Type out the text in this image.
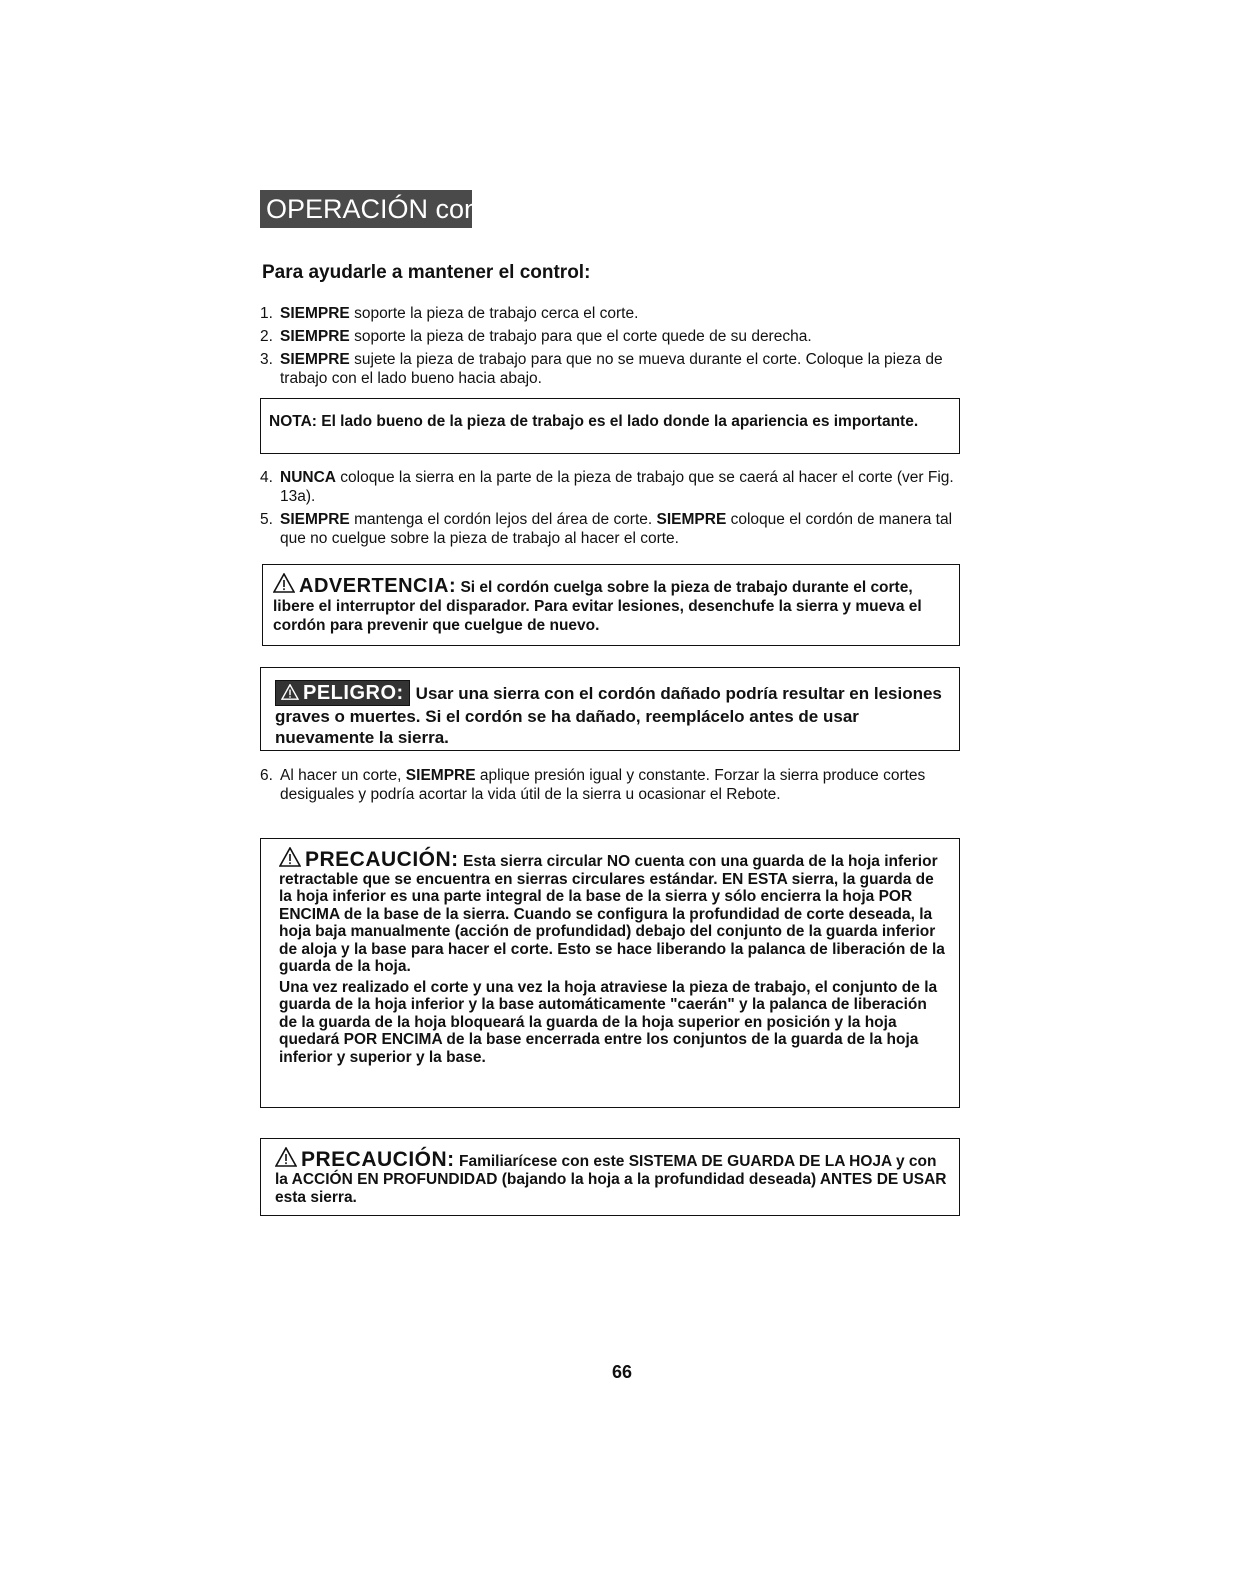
OPERACIÓN cont.
Para ayudarle a mantener el control:
1. SIEMPRE soporte la pieza de trabajo cerca el corte.
2. SIEMPRE soporte la pieza de trabajo para que el corte quede de su derecha.
3. SIEMPRE sujete la pieza de trabajo para que no se mueva durante el corte. Coloque la pieza de trabajo con el lado bueno hacia abajo.
NOTA: El lado bueno de la pieza de trabajo es el lado donde la apariencia es importante.
4. NUNCA coloque la sierra en la parte de la pieza de trabajo que se caerá al hacer el corte (ver Fig. 13a).
5. SIEMPRE mantenga el cordón lejos del área de corte. SIEMPRE coloque el cordón de manera tal que no cuelgue sobre la pieza de trabajo al hacer el corte.
ADVERTENCIA: Si el cordón cuelga sobre la pieza de trabajo durante el corte, libere el interruptor del disparador. Para evitar lesiones, desenchufe la sierra y mueva el cordón para prevenir que cuelgue de nuevo.
PELIGRO: Usar una sierra con el cordón dañado podría resultar en lesiones graves o muertes. Si el cordón se ha dañado, reemplácelo antes de usar nuevamente la sierra.
6. Al hacer un corte, SIEMPRE aplique presión igual y constante. Forzar la sierra produce cortes desiguales y podría acortar la vida útil de la sierra u ocasionar el Rebote.

PRECAUCIÓN: Esta sierra circular NO cuenta con una guarda de la hoja inferior retractable que se encuentra en sierras circulares estándar. EN ESTA sierra, la guarda de la hoja inferior es una parte integral de la base de la sierra y sólo encierra la hoja POR ENCIMA de la base de la sierra. Cuando se configura la profundidad de corte deseada, la hoja baja manualmente (acción de profundidad) debajo del conjunto de la guarda inferior de aloja y la base para hacer el corte. Esto se hace liberando la palanca de liberación de la guarda de la hoja.

Una vez realizado el corte y una vez la hoja atraviese la pieza de trabajo, el conjunto de la guarda de la hoja inferior y la base automáticamente "caerán" y la palanca de liberación de la guarda de la hoja bloqueará la guarda de la hoja superior en posición y la hoja quedará POR ENCIMA de la base encerrada entre los conjuntos de la guarda de la hoja inferior y superior y la base.

PRECAUCIÓN: Familiarícese con este SISTEMA DE GUARDA DE LA HOJA y con la ACCIÓN EN PROFUNDIDAD (bajando la hoja a la profundidad deseada) ANTES DE USAR esta sierra.
66
